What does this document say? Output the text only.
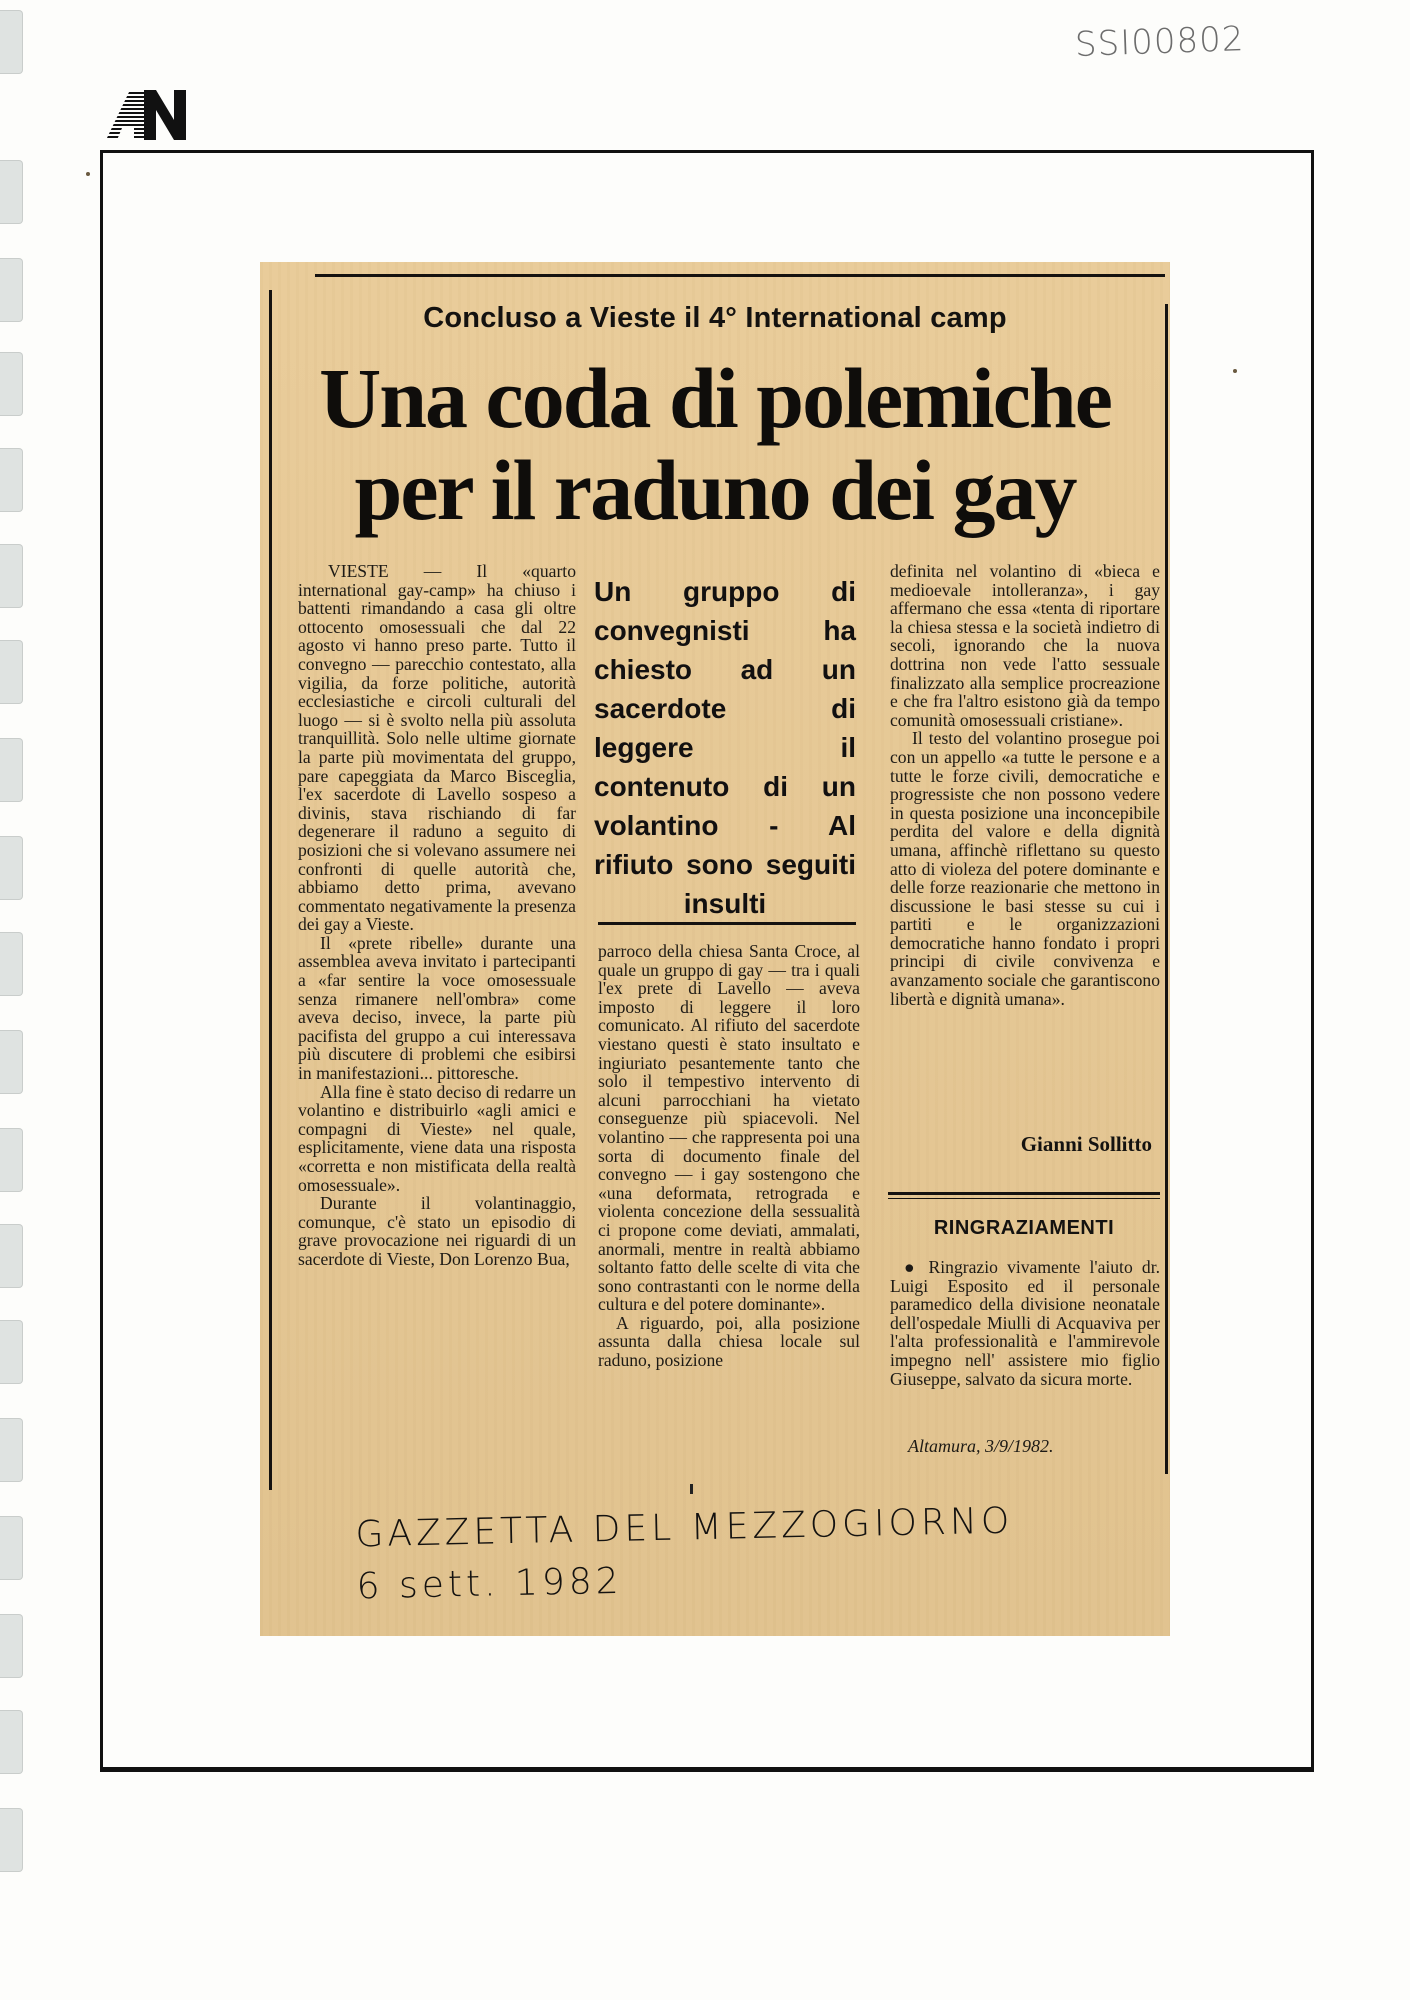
SSI00802
Concluso a Vieste il 4° International camp
Una coda di polemiche
per il raduno dei gay

VIESTE — Il «quarto international gay-camp» ha chiuso i battenti rimandando a casa gli oltre ottocento omosessuali che dal 22 agosto vi hanno preso parte. Tutto il convegno — parecchio contestato, alla vigilia, da forze politiche, autorità ecclesiastiche e circoli culturali del luogo — si è svolto nella più assoluta tranquillità. Solo nelle ultime giornate la parte più movimentata del gruppo, pare capeggiata da Marco Bisceglia, l'ex sacerdote di Lavello sospeso a divinis, stava rischiando di far degenerare il raduno a seguito di posizioni che si volevano assumere nei confronti di quelle autorità che, abbiamo detto prima, avevano commentato negativamente la presenza dei gay a Vieste.

Il «prete ribelle» durante una assemblea aveva invitato i partecipanti a «far sentire la voce omosessuale senza rimanere nell'ombra» come aveva deciso, invece, la parte più pacifista del gruppo a cui interessava più discutere di problemi che esibirsi in manifestazioni... pittoresche.

Alla fine è stato deciso di redarre un volantino e distribuirlo «agli amici e compagni di Vieste» nel quale, esplicitamente, viene data una risposta «corretta e non mistificata della realtà omosessuale».

Durante il volantinaggio, comunque, c'è stato un episodio di grave provocazione nei riguardi di un sacerdote di Vieste, Don Lorenzo Bua,

Un gruppo di convegnisti ha chiesto ad un sacerdote di leggere il contenuto di un volantino - Al rifiuto sono seguiti insulti

parroco della chiesa Santa Croce, al quale un gruppo di gay — tra i quali l'ex prete di Lavello — aveva imposto di leggere il loro comunicato. Al rifiuto del sacerdote viestano questi è stato insultato e ingiuriato pesantemente tanto che solo il tempestivo intervento di alcuni parrocchiani ha vietato conseguenze più spiacevoli. Nel volantino — che rappresenta poi una sorta di documento finale del convegno — i gay sostengono che «una deformata, retrograda e violenta concezione della sessualità ci propone come deviati, ammalati, anormali, mentre in realtà abbiamo soltanto fatto delle scelte di vita che sono contrastanti con le norme della cultura e del potere dominante».

A riguardo, poi, alla posizione assunta dalla chiesa locale sul raduno, posizione

definita nel volantino di «bieca e medioevale intolleranza», i gay affermano che essa «tenta di riportare la chiesa stessa e la società indietro di secoli, ignorando che la nuova dottrina non vede l'atto sessuale finalizzato alla semplice procreazione e che fra l'altro esistono già da tempo comunità omosessuali cristiane».

Il testo del volantino prosegue poi con un appello «a tutte le persone e a tutte le forze civili, democratiche e progressiste che non possono vedere in questa posizione una inconcepibile perdita del valore e della dignità umana, affinchè riflettano su questo atto di violeza del potere dominante e delle forze reazionarie che mettono in discussione le basi stesse su cui i partiti e le organizzazioni democratiche hanno fondato i propri principi di civile convivenza e avanzamento sociale che garantiscono libertà e dignità umana».

Gianni Sollitto
RINGRAZIAMENTI

● Ringrazio vivamente l'aiuto dr. Luigi Esposito ed il personale paramedico della divisione neonatale dell'ospedale Miulli di Acquaviva per l'alta professionalità e l'ammirevole impegno nell' assistere mio figlio Giuseppe, salvato da sicura morte.

Altamura, 3/9/1982.
GAZZETTA DEL MEZZOGIORNO
6 sett. 1982
